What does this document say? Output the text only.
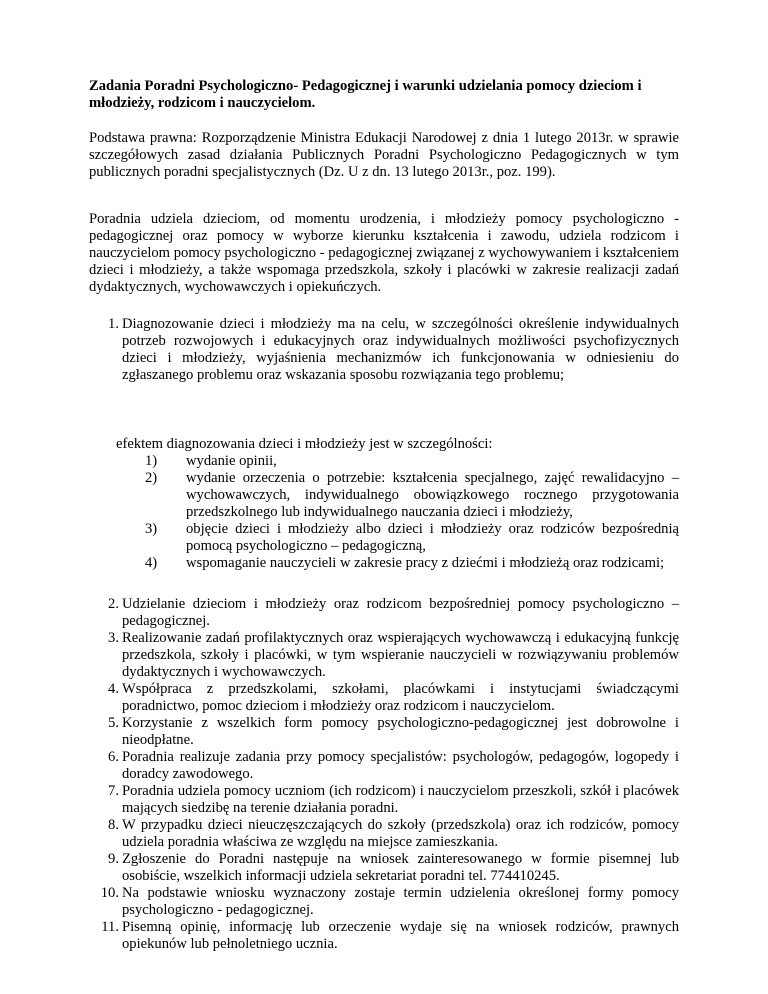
Zadania Poradni Psychologiczno- Pedagogicznej i warunki udzielania pomocy dzieciom i młodzieży, rodzicom i nauczycielom.

Podstawa prawna: Rozporządzenie Ministra Edukacji Narodowej z dnia 1 lutego 2013r. w sprawie szczegółowych zasad działania Publicznych Poradni Psychologiczno Pedagogicznych w tym publicznych poradni specjalistycznych (Dz. U z dn. 13 lutego 2013r., poz. 199).

Poradnia udziela dzieciom, od momentu urodzenia, i młodzieży pomocy psychologiczno - pedagogicznej oraz pomocy w wyborze kierunku kształcenia i zawodu, udziela rodzicom i nauczycielom pomocy psychologiczno - pedagogicznej związanej z wychowywaniem i kształceniem dzieci i młodzieży, a także wspomaga przedszkola, szkoły i placówki w zakresie realizacji zadań dydaktycznych, wychowawczych i opiekuńczych.

1. Diagnozowanie dzieci i młodzieży ma na celu, w szczególności określenie indywidualnych potrzeb rozwojowych i edukacyjnych oraz indywidualnych możliwości psychofizycznych dzieci i młodzieży, wyjaśnienia mechanizmów ich funkcjonowania w odniesieniu do zgłaszanego problemu oraz wskazania sposobu rozwiązania tego problemu;
efektem diagnozowania dzieci i młodzieży jest w szczególności:
1) wydanie opinii,
2) wydanie orzeczenia o potrzebie: kształcenia specjalnego, zajęć rewalidacyjno – wychowawczych, indywidualnego obowiązkowego rocznego przygotowania przedszkolnego lub indywidualnego nauczania dzieci i młodzieży,
3) objęcie dzieci i młodzieży albo dzieci i młodzieży oraz rodziców bezpośrednią pomocą psychologiczno – pedagogiczną,
4) wspomaganie nauczycieli w zakresie pracy z dziećmi i młodzieżą oraz rodzicami;
2. Udzielanie dzieciom i młodzieży oraz rodzicom bezpośredniej pomocy psychologiczno – pedagogicznej.
3. Realizowanie zadań profilaktycznych oraz wspierających wychowawczą i edukacyjną funkcję przedszkola, szkoły i placówki, w tym wspieranie nauczycieli w rozwiązywaniu problemów dydaktycznych i wychowawczych.
4. Współpraca z przedszkolami, szkołami, placówkami i instytucjami świadczącymi poradnictwo, pomoc dzieciom i młodzieży oraz rodzicom i nauczycielom.
5. Korzystanie z wszelkich form pomocy psychologiczno-pedagogicznej jest dobrowolne i nieodpłatne.
6. Poradnia realizuje zadania przy pomocy specjalistów: psychologów, pedagogów, logopedy i doradcy zawodowego.
7. Poradnia udziela pomocy uczniom (ich rodzicom) i nauczycielom przeszkoli, szkół i placówek mających siedzibę na terenie działania poradni.
8. W przypadku dzieci nieuczęszczających do szkoły (przedszkola) oraz ich rodziców, pomocy udziela poradnia właściwa ze względu na miejsce zamieszkania.
9. Zgłoszenie do Poradni następuje na wniosek zainteresowanego w formie pisemnej lub osobiście, wszelkich informacji udziela sekretariat poradni tel. 774410245.
10. Na podstawie wniosku wyznaczony zostaje termin udzielenia określonej formy pomocy psychologiczno - pedagogicznej.
11. Pisemną opinię, informację lub orzeczenie wydaje się na wniosek rodziców, prawnych opiekunów lub pełnoletniego ucznia.
